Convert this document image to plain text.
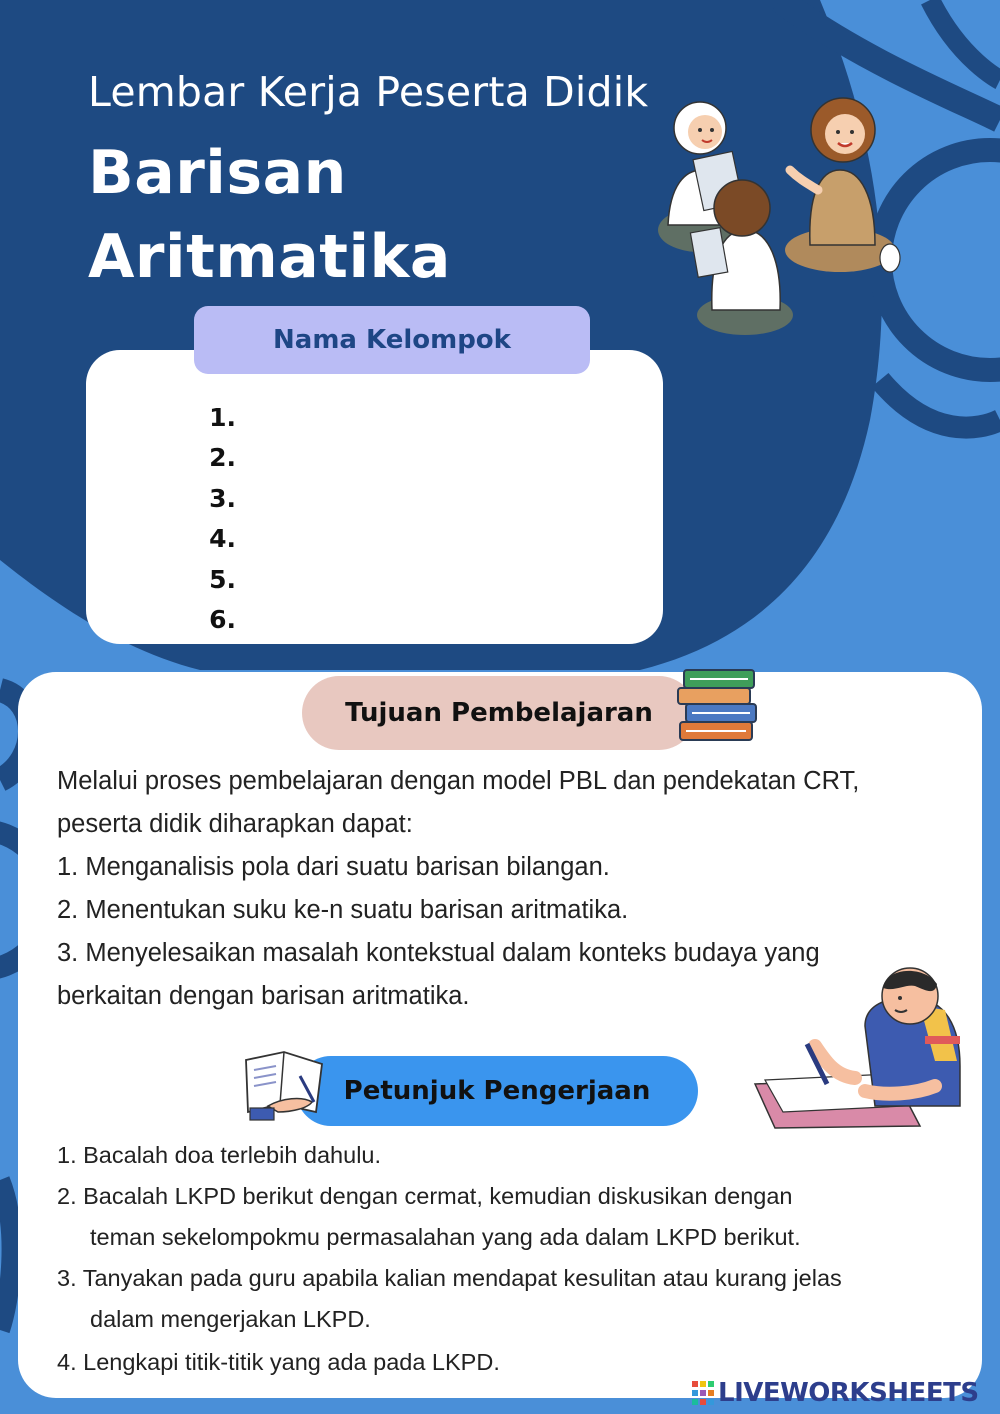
Lembar Kerja Peserta Didik
Barisan
Aritmatika
Nama Kelompok
1.
2.
3.
4.
5.
6.
Tujuan Pembelajaran
Melalui proses pembelajaran dengan model PBL dan pendekatan CRT,
peserta didik diharapkan dapat:
1. Menganalisis pola dari suatu barisan bilangan.
2. Menentukan suku ke-n suatu barisan aritmatika.
3. Menyelesaikan masalah kontekstual dalam konteks budaya yang
berkaitan dengan barisan aritmatika.
Petunjuk Pengerjaan
1. Bacalah doa terlebih dahulu.
2. Bacalah LKPD berikut dengan cermat, kemudian diskusikan dengan
teman sekelompokmu permasalahan yang ada dalam LKPD berikut.
3. Tanyakan pada guru apabila kalian mendapat kesulitan atau kurang jelas
dalam mengerjakan LKPD.
4. Lengkapi titik-titik yang ada pada LKPD.
LIVEWORKSHEETS
